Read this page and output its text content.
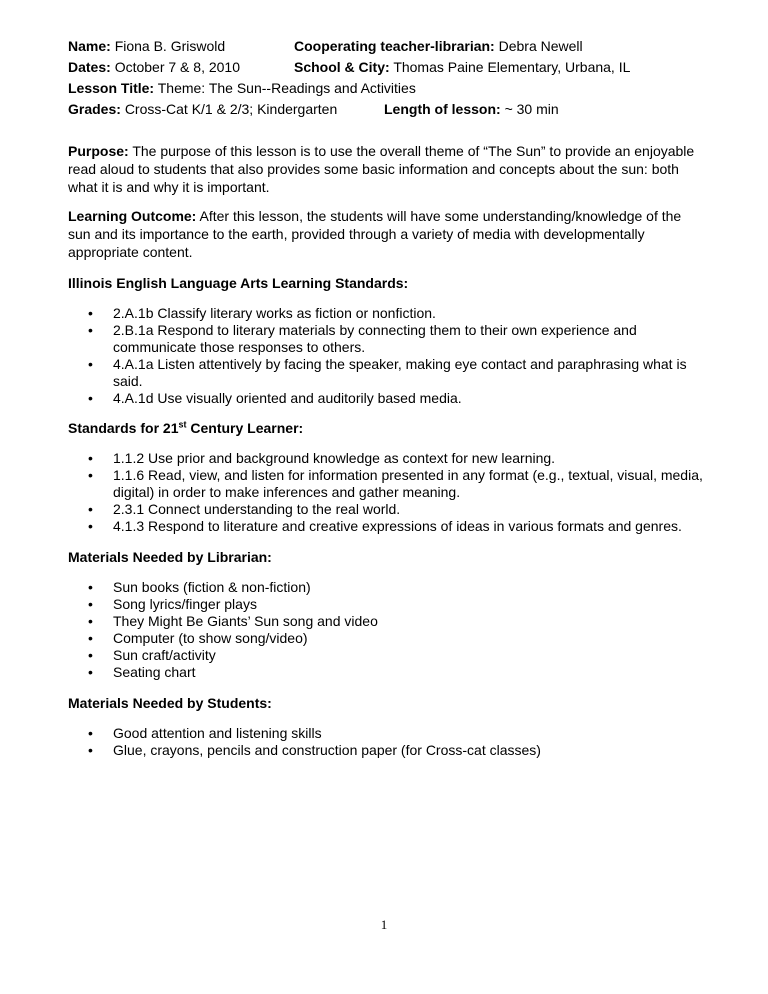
Name: Fiona B. Griswold	Cooperating teacher-librarian: Debra Newell
Dates: October 7 & 8, 2010	School & City: Thomas Paine Elementary, Urbana, IL
Lesson Title: Theme: The Sun--Readings and Activities
Grades: Cross-Cat K/1 & 2/3; Kindergarten	Length of lesson: ~ 30 min

Purpose: The purpose of this lesson is to use the overall theme of “The Sun” to provide an enjoyable read aloud to students that also provides some basic information and concepts about the sun: both what it is and why it is important.

Learning Outcome: After this lesson, the students will have some understanding/knowledge of the sun and its importance to the earth, provided through a variety of media with developmentally appropriate content.

Illinois English Language Arts Learning Standards:

• 2.A.1b Classify literary works as fiction or nonfiction.
• 2.B.1a Respond to literary materials by connecting them to their own experience and communicate those responses to others.
• 4.A.1a Listen attentively by facing the speaker, making eye contact and paraphrasing what is said.
• 4.A.1d Use visually oriented and auditorily based media.

Standards for 21st Century Learner:

• 1.1.2 Use prior and background knowledge as context for new learning.
• 1.1.6 Read, view, and listen for information presented in any format (e.g., textual, visual, media, digital) in order to make inferences and gather meaning.
• 2.3.1 Connect understanding to the real world.
• 4.1.3 Respond to literature and creative expressions of ideas in various formats and genres.

Materials Needed by Librarian:

• Sun books (fiction & non-fiction)
• Song lyrics/finger plays
• They Might Be Giants’ Sun song and video
• Computer (to show song/video)
• Sun craft/activity
• Seating chart

Materials Needed by Students:

• Good attention and listening skills
• Glue, crayons, pencils and construction paper (for Cross-cat classes)
1
